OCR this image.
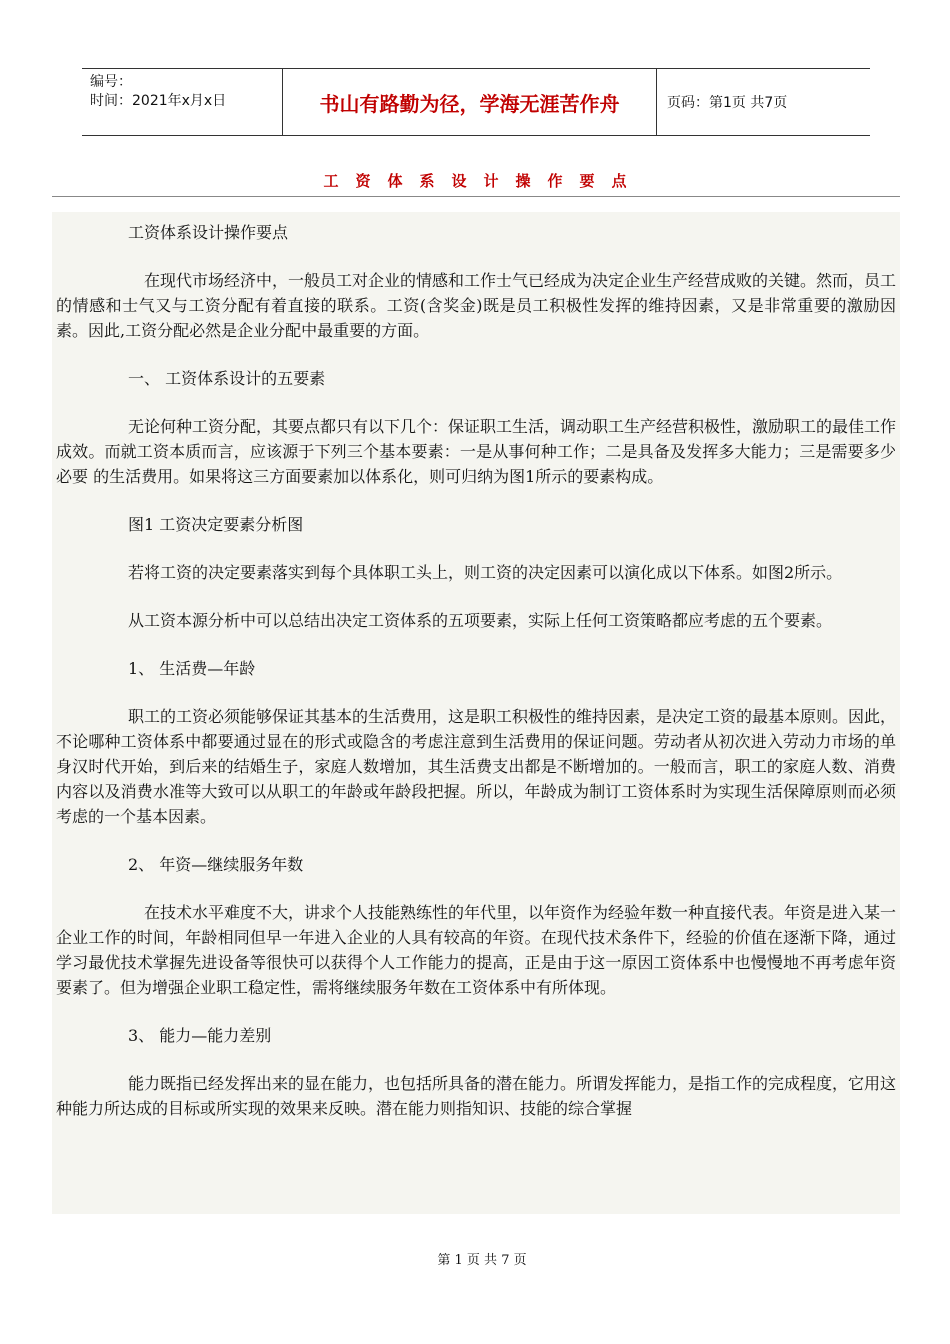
编号：
时间：2021年x月x日	书山有路勤为径，学海无涯苦作舟	页码：第1页 共7页
工资体系设计操作要点

工资体系设计操作要点

在现代市场经济中，一般员工对企业的情感和工作士气已经成为决定企业生产经营成败的关键。然而，员工的情感和士气又与工资分配有着直接的联系。工资(含奖金)既是员工积极性发挥的维持因素，又是非常重要的激励因素。因此,工资分配必然是企业分配中最重要的方面。

一、 工资体系设计的五要素

无论何种工资分配，其要点都只有以下几个：保证职工生活，调动职工生产经营积极性，激励职工的最佳工作成效。而就工资本质而言，应该源于下列三个基本要素：一是从事何种工作；二是具备及发挥多大能力；三是需要多少必要 的生活费用。如果将这三方面要素加以体系化，则可归纳为图1所示的要素构成。

图1 工资决定要素分析图

若将工资的决定要素落实到每个具体职工头上，则工资的决定因素可以演化成以下体系。如图2所示。

从工资本源分析中可以总结出决定工资体系的五项要素，实际上任何工资策略都应考虑的五个要素。

1、 生活费—年龄

职工的工资必须能够保证其基本的生活费用，这是职工积极性的维持因素，是决定工资的最基本原则。因此，不论哪种工资体系中都要通过显在的形式或隐含的考虑注意到生活费用的保证问题。劳动者从初次进入劳动力市场的单身汉时代开始，到后来的结婚生子，家庭人数增加，其生活费支出都是不断增加的。一般而言，职工的家庭人数、消费内容以及消费水准等大致可以从职工的年龄或年龄段把握。所以，年龄成为制订工资体系时为实现生活保障原则而必须考虑的一个基本因素。

2、 年资—继续服务年数

在技术水平难度不大，讲求个人技能熟练性的年代里，以年资作为经验年数一种直接代表。年资是进入某一企业工作的时间，年龄相同但早一年进入企业的人具有较高的年资。在现代技术条件下，经验的价值在逐渐下降，通过学习最优技术掌握先进设备等很快可以获得个人工作能力的提高，正是由于这一原因工资体系中也慢慢地不再考虑年资要素了。但为增强企业职工稳定性，需将继续服务年数在工资体系中有所体现。

3、 能力—能力差别

能力既指已经发挥出来的显在能力，也包括所具备的潜在能力。所谓发挥能力，是指工作的完成程度，它用这种能力所达成的目标或所实现的效果来反映。潜在能力则指知识、技能的综合掌握

第 1 页 共 7 页
